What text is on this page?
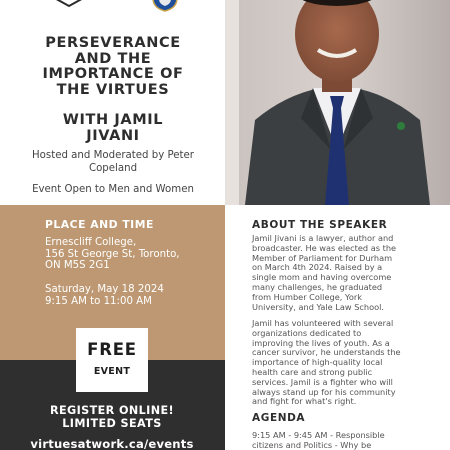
PERSEVERANCE
AND THE
IMPORTANCE OF
THE VIRTUES
WITH JAMIL
JIVANI
Hosted and Moderated by Peter
Copeland
Event Open to Men and Women
PLACE AND TIME
Ernescliff College,
156 St George St, Toronto,
ON M5S 2G1
Saturday, May 18 2024
9:15 AM to 11:00 AM
FREE
EVENT
REGISTER ONLINE!
LIMITED SEATS
virtuesatwork.ca/events
ABOUT THE SPEAKER
Jamil Jivani is a lawyer, author and
broadcaster. He was elected as the
Member of Parliament for Durham
on March 4th 2024. Raised by a
single mom and having overcome
many challenges, he graduated
from Humber College, York
University, and Yale Law School.
Jamil has volunteered with several
organizations dedicated to
improving the lives of youth. As a
cancer survivor, he understands the
importance of high-quality local
health care and strong public
services. Jamil is a fighter who will
always stand up for his community
and fight for what's right.
AGENDA
9:15 AM - 9:45 AM - Responsible
citizens and Politics - Why be
